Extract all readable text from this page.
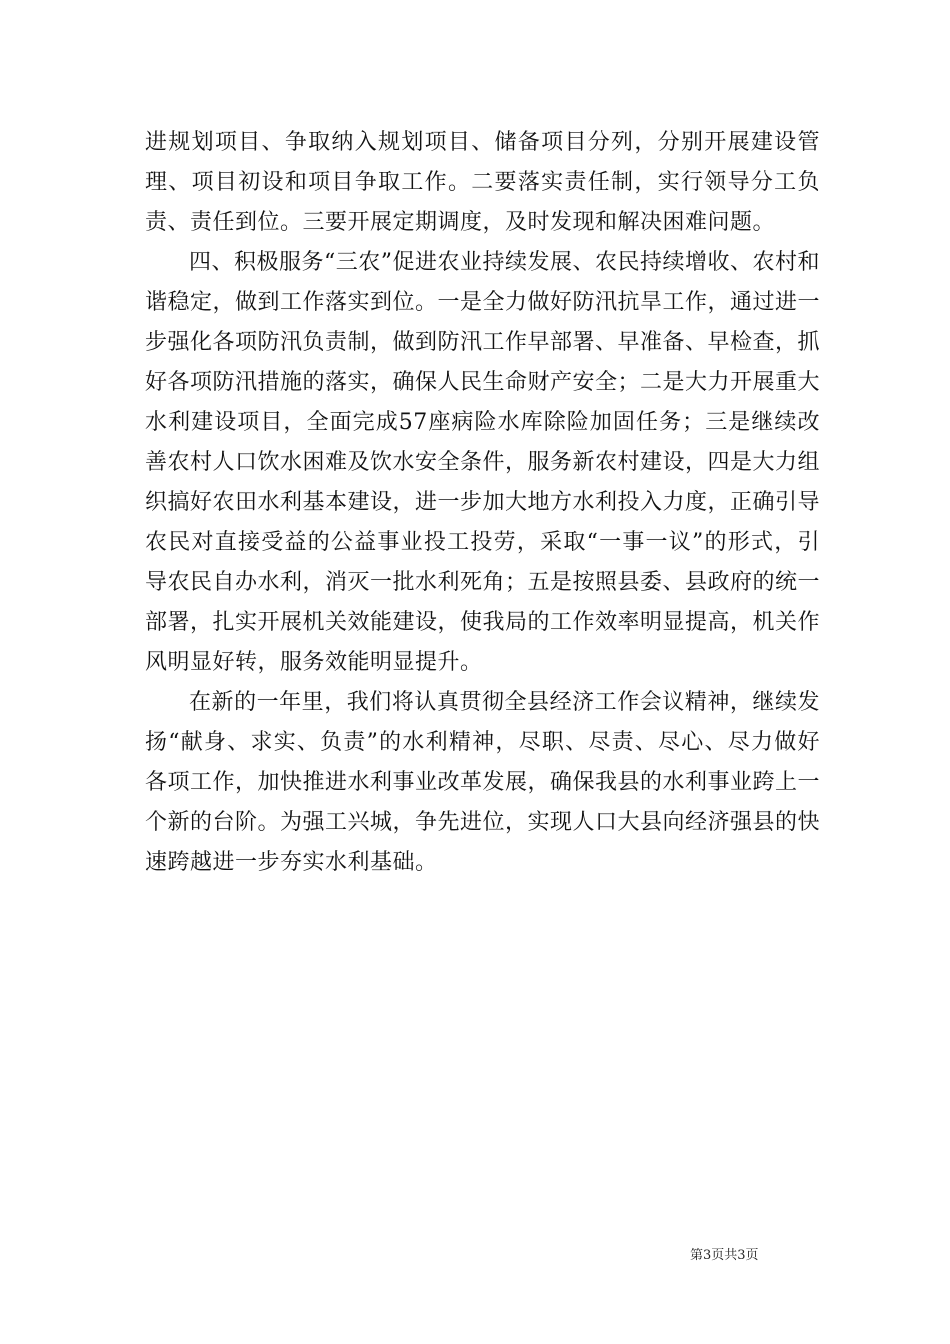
进规划项目、争取纳入规划项目、储备项目分列，分别开展建设管理、项目初设和项目争取工作。二要落实责任制，实行领导分工负责、责任到位。三要开展定期调度，及时发现和解决困难问题。

四、积极服务“三农”促进农业持续发展、农民持续增收、农村和谐稳定，做到工作落实到位。一是全力做好防汛抗旱工作，通过进一步强化各项防汛负责制，做到防汛工作早部署、早准备、早检查，抓好各项防汛措施的落实，确保人民生命财产安全；二是大力开展重大水利建设项目，全面完成57座病险水库除险加固任务；三是继续改善农村人口饮水困难及饮水安全条件，服务新农村建设，四是大力组织搞好农田水利基本建设，进一步加大地方水利投入力度，正确引导农民对直接受益的公益事业投工投劳，采取“一事一议”的形式，引导农民自办水利，消灭一批水利死角；五是按照县委、县政府的统一部署，扎实开展机关效能建设，使我局的工作效率明显提高，机关作风明显好转，服务效能明显提升。

在新的一年里，我们将认真贯彻全县经济工作会议精神，继续发扬“献身、求实、负责”的水利精神，尽职、尽责、尽心、尽力做好各项工作，加快推进水利事业改革发展，确保我县的水利事业跨上一个新的台阶。为强工兴城，争先进位，实现人口大县向经济强县的快速跨越进一步夯实水利基础。

第3页共3页
